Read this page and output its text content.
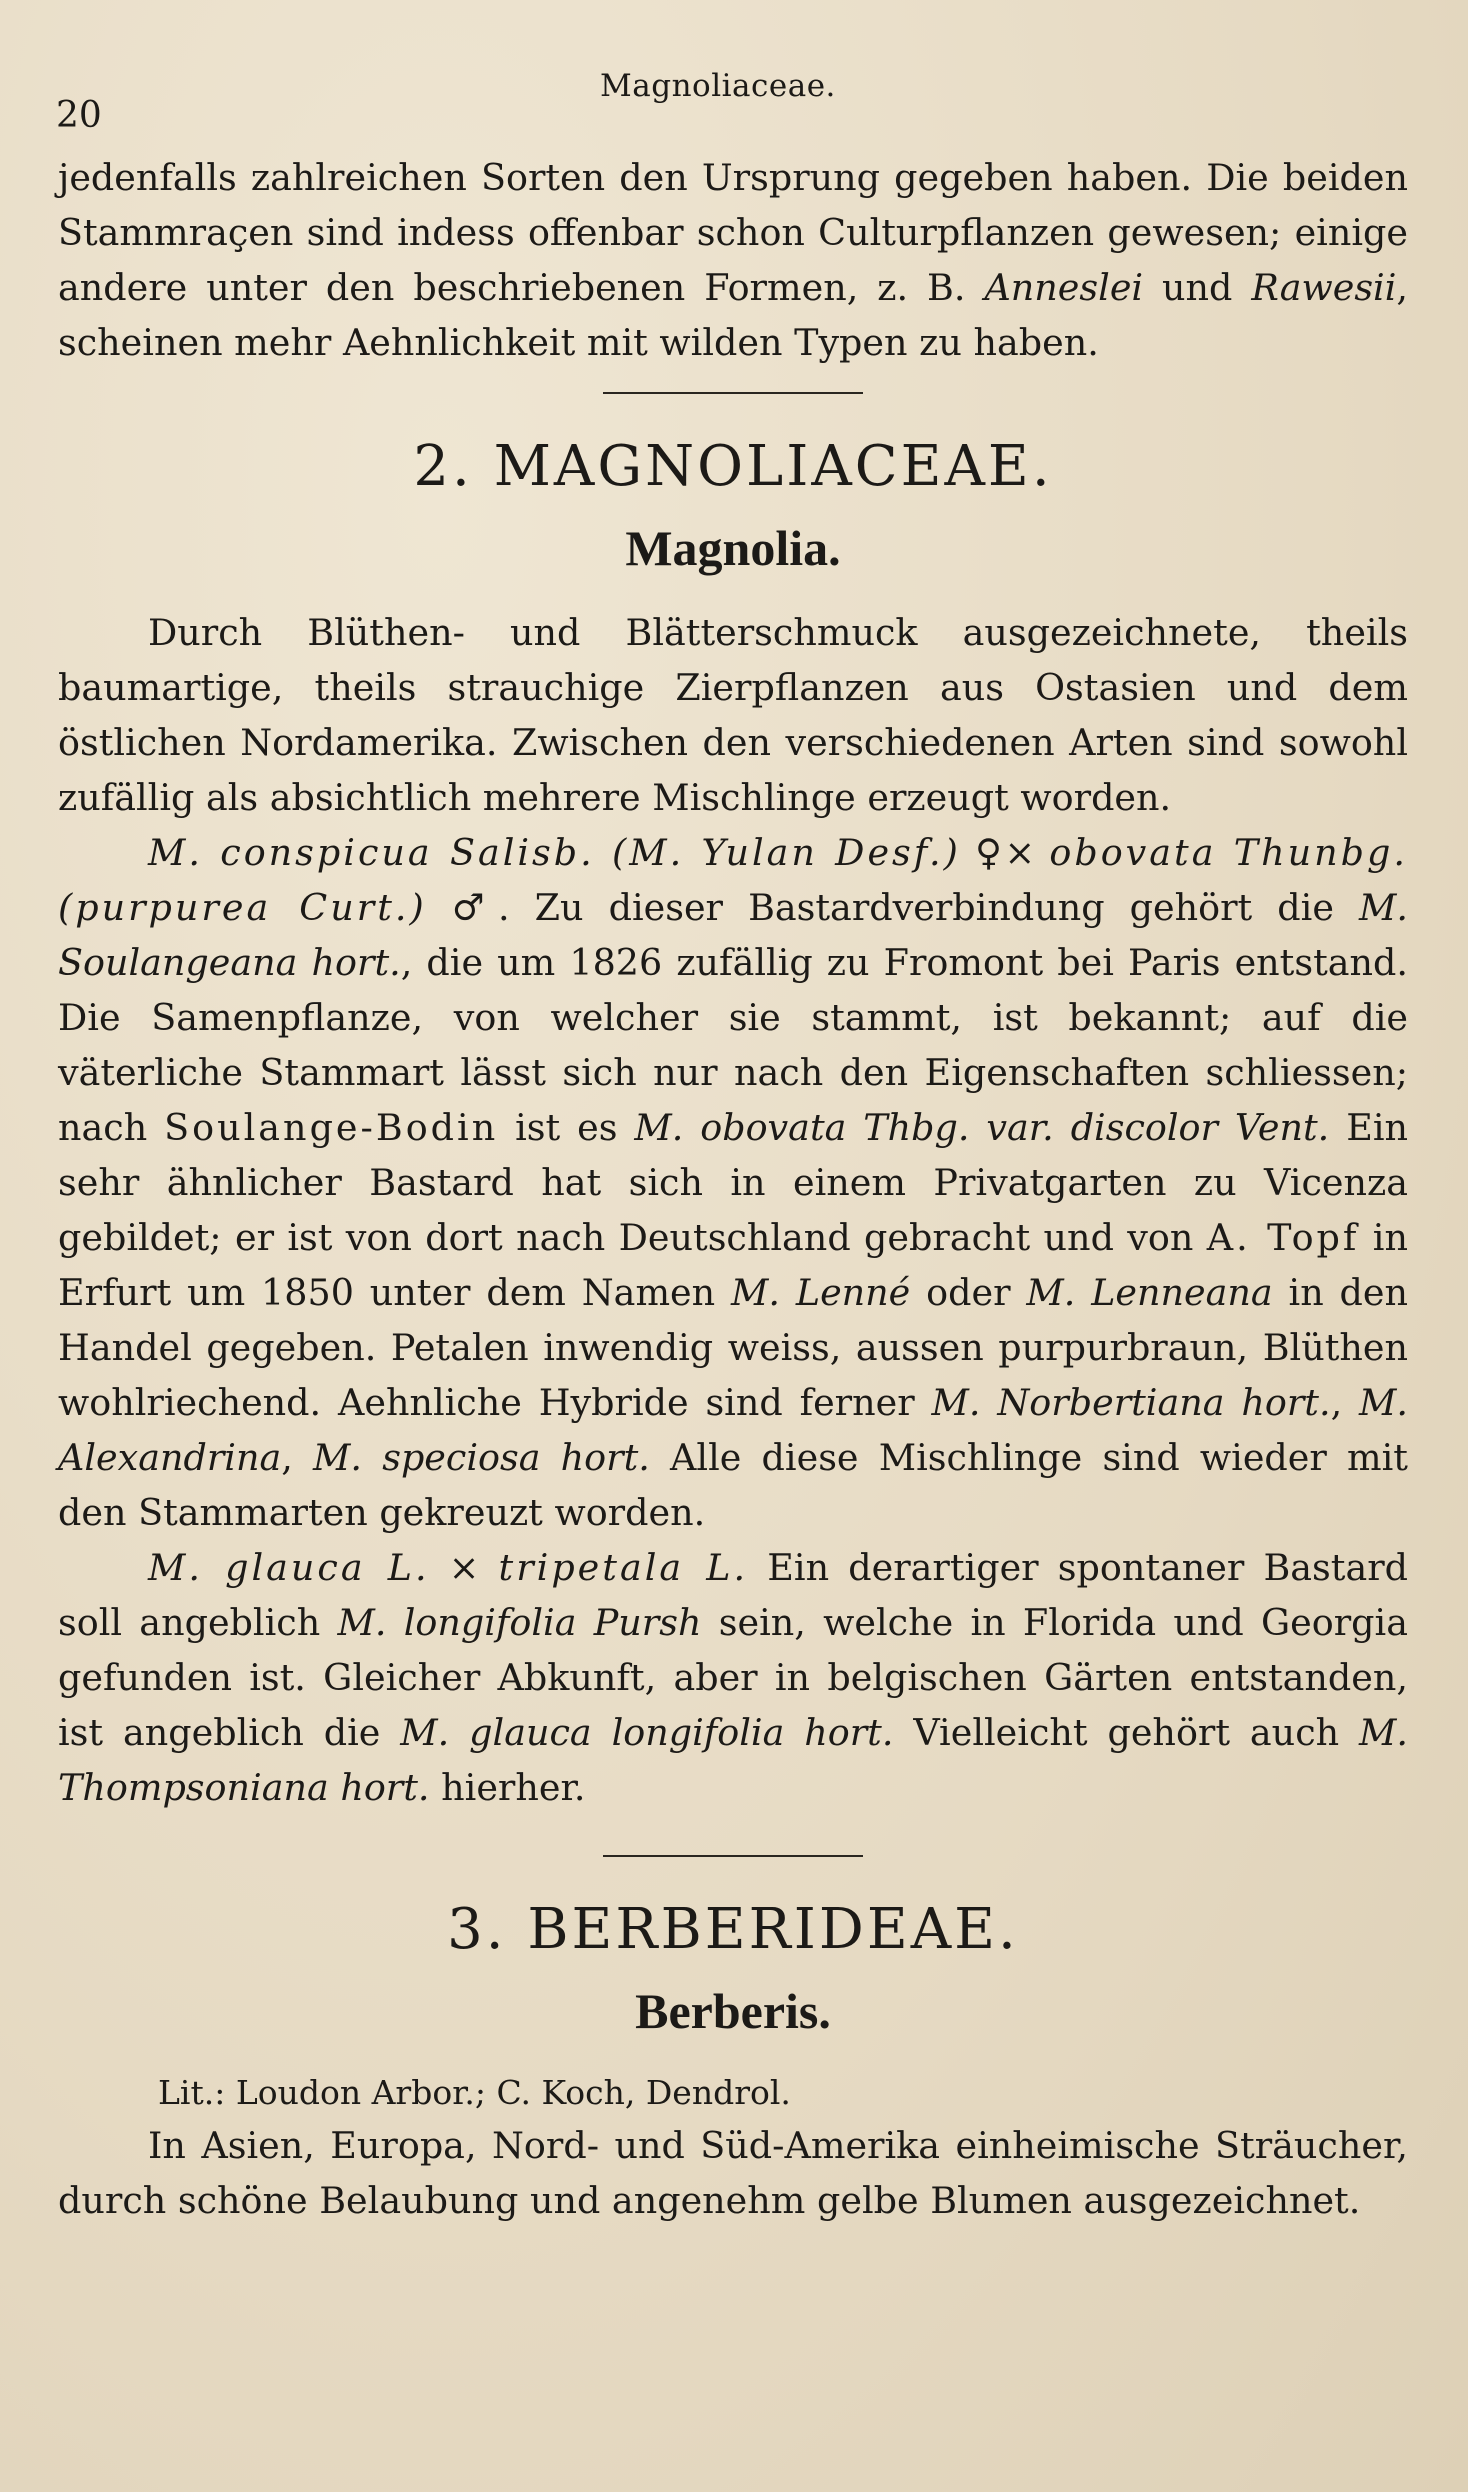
20
Magnoliaceae.

jedenfalls zahlreichen Sorten den Ursprung gegeben haben. Die beiden Stammraçen sind indess offenbar schon Culturpflanzen gewesen; einige andere unter den beschriebenen Formen, z. B. Anneslei und Rawesii, scheinen mehr Aehnlichkeit mit wilden Typen zu haben.

2. MAGNOLIACEAE.
Magnolia.

Durch Blüthen- und Blätterschmuck ausgezeichnete, theils baumartige, theils strauchige Zierpflanzen aus Ostasien und dem östlichen Nordamerika. Zwischen den verschiedenen Arten sind sowohl zufällig als absichtlich mehrere Mischlinge erzeugt worden.

M. conspicua Salisb. (M. Yulan Desf.) ♀× obovata Thunbg. (purpurea Curt.) ♂. Zu dieser Bastardverbindung gehört die M. Soulangeana hort., die um 1826 zufällig zu Fromont bei Paris entstand. Die Samenpflanze, von welcher sie stammt, ist bekannt; auf die väterliche Stammart lässt sich nur nach den Eigenschaften schliessen; nach Soulange-Bodin ist es M. obovata Thbg. var. discolor Vent. Ein sehr ähnlicher Bastard hat sich in einem Privatgarten zu Vicenza gebildet; er ist von dort nach Deutschland gebracht und von A. Topf in Erfurt um 1850 unter dem Namen M. Lenné oder M. Lenneana in den Handel gegeben. Petalen inwendig weiss, aussen purpurbraun, Blüthen wohlriechend. Aehnliche Hybride sind ferner M. Norbertiana hort., M. Alexandrina, M. speciosa hort. Alle diese Mischlinge sind wieder mit den Stammarten gekreuzt worden.

M. glauca L. × tripetala L. Ein derartiger spontaner Bastard soll angeblich M. longifolia Pursh sein, welche in Florida und Georgia gefunden ist. Gleicher Abkunft, aber in belgischen Gärten entstanden, ist angeblich die M. glauca longifolia hort. Vielleicht gehört auch M. Thompsoniana hort. hierher.

3. BERBERIDEAE.
Berberis.

Lit.: Loudon Arbor.; C. Koch, Dendrol.

In Asien, Europa, Nord- und Süd-Amerika einheimische Sträucher, durch schöne Belaubung und angenehm gelbe Blumen ausgezeichnet.
